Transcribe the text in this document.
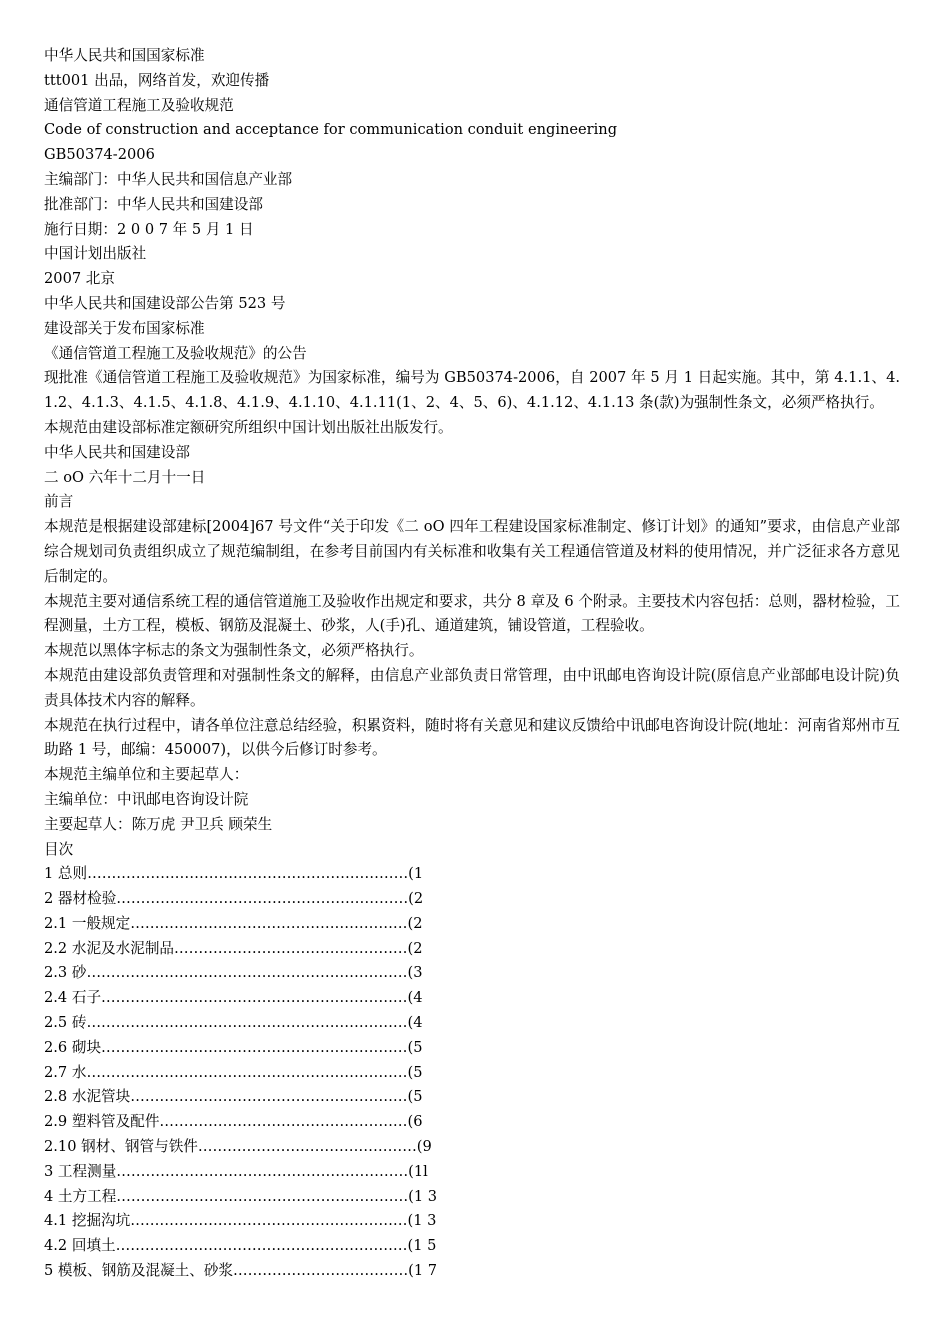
中华人民共和国国家标准
ttt001 出品，网络首发，欢迎传播
通信管道工程施工及验收规范
Code of construction and acceptance for communication conduit engineering
GB50374-2006
主编部门：中华人民共和国信息产业部
批准部门：中华人民共和国建设部
施行日期：2 0 0 7 年 5 月 1 日
中国计划出版社
2007 北京
中华人民共和国建设部公告第 523 号
建设部关于发布国家标准
《通信管道工程施工及验收规范》的公告
现批准《通信管道工程施工及验收规范》为国家标准，编号为 GB50374-2006，自 2007 年 5 月 1 日起实施。其中，第 4.1.1、4.1.2、4.1.3、4.1.5、4.1.8、4.1.9、4.1.10、4.1.11(1、2、4、5、6)、4.1.12、4.1.13 条(款)为强制性条文，必须严格执行。
本规范由建设部标准定额研究所组织中国计划出版社出版发行。
中华人民共和国建设部
二 oO 六年十二月十一日
前言
本规范是根据建设部建标[2004]67 号文件“关于印发《二 oO 四年工程建设国家标准制定、修订计划》的通知”要求，由信息产业部综合规划司负责组织成立了规范编制组，在参考目前国内有关标准和收集有关工程通信管道及材料的使用情况，并广泛征求各方意见后制定的。
本规范主要对通信系统工程的通信管道施工及验收作出规定和要求，共分 8 章及 6 个附录。主要技术内容包括：总则，器材检验，工程测量，土方工程，模板、钢筋及混凝土、砂浆，人(手)孔、通道建筑，铺设管道，工程验收。
本规范以黑体字标志的条文为强制性条文，必须严格执行。
本规范由建设部负责管理和对强制性条文的解释，由信息产业部负责日常管理，由中讯邮电咨询设计院(原信息产业部邮电设计院)负责具体技术内容的解释。
本规范在执行过程中，请各单位注意总结经验，积累资料，随时将有关意见和建议反馈给中讯邮电咨询设计院(地址：河南省郑州市互助路 1 号，邮编：450007)，以供今后修订时参考。
本规范主编单位和主要起草人：
主编单位：中讯邮电咨询设计院
主要起草人：陈万虎 尹卫兵 顾荣生
目次
1 总则…………………………………………………………(1
2 器材检验……………………………………………………(2
2.1 一般规定…………………………………………………(2
2.2 水泥及水泥制品…………………………………………(2
2.3 砂…………………………………………………………(3
2.4 石子………………………………………………………(4
2.5 砖…………………………………………………………(4
2.6 砌块………………………………………………………(5
2.7 水…………………………………………………………(5
2.8 水泥管块…………………………………………………(5
2.9 塑料管及配件……………………………………………(6
2.10 钢材、钢管与铁件………………………………………(9
3 工程测量……………………………………………………(1l
4 土方工程……………………………………………………(1 3
4.1 挖掘沟坑…………………………………………………(1 3
4.2 回填土……………………………………………………(1 5
5 模板、钢筋及混凝土、砂浆………………………………(1 7
